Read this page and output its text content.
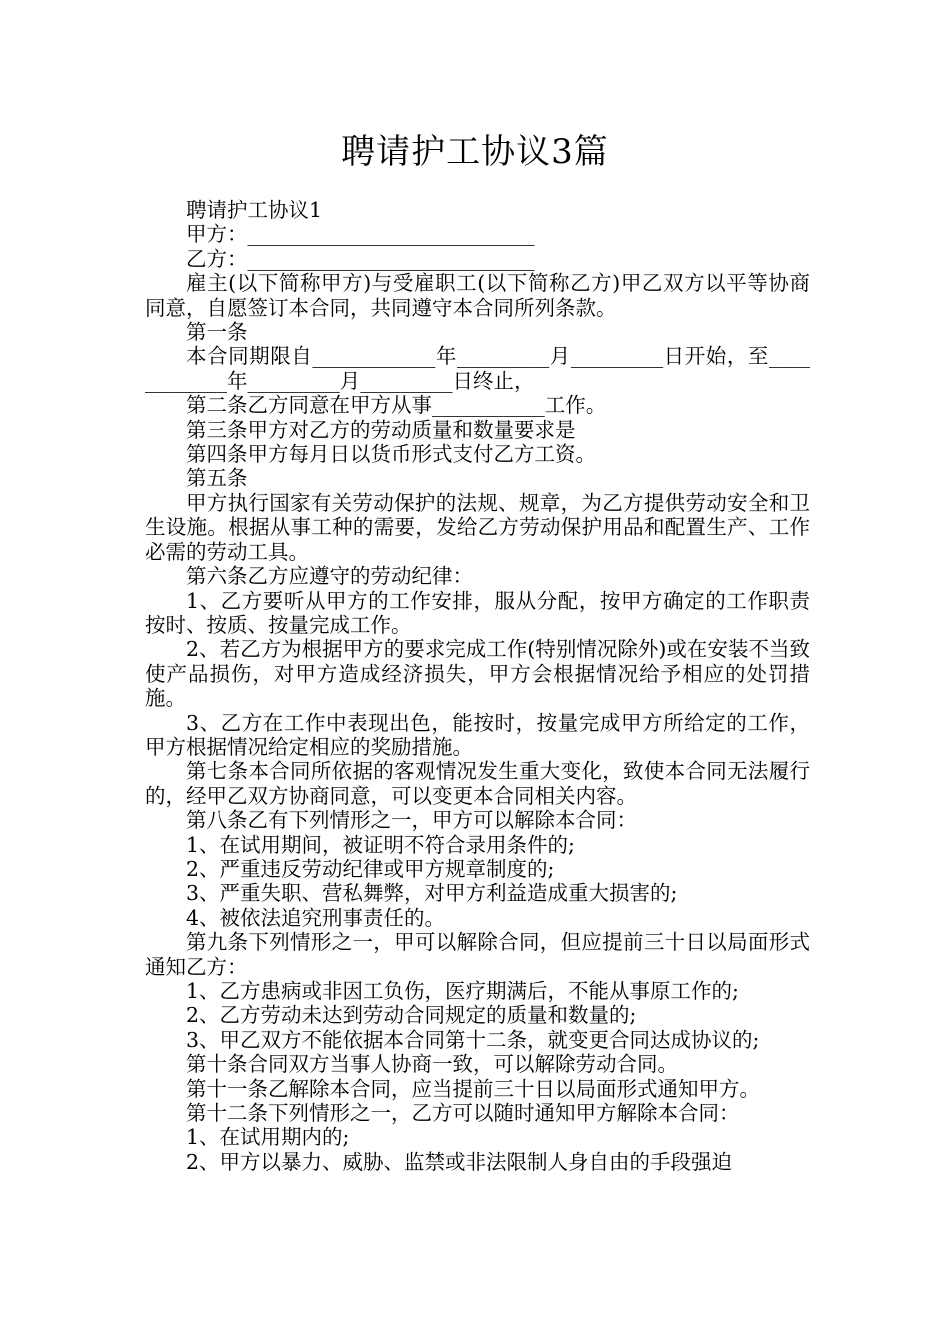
聘请护工协议3篇

聘请护工协议1

甲方：____________________________

乙方：____________________________

雇主(以下简称甲方)与受雇职工(以下简称乙方)甲乙双方以平等协商同意，自愿签订本合同，共同遵守本合同所列条款。

第一条

本合同期限自____________年_________月_________日开始，至____________年_________月_________日终止，

第二条乙方同意在甲方从事___________工作。

第三条甲方对乙方的劳动质量和数量要求是

第四条甲方每月日以货币形式支付乙方工资。

第五条

甲方执行国家有关劳动保护的法规、规章，为乙方提供劳动安全和卫生设施。根据从事工种的需要，发给乙方劳动保护用品和配置生产、工作必需的劳动工具。

第六条乙方应遵守的劳动纪律：

1、乙方要听从甲方的工作安排，服从分配，按甲方确定的工作职责按时、按质、按量完成工作。

2、若乙方为根据甲方的要求完成工作(特别情况除外)或在安装不当致使产品损伤，对甲方造成经济损失，甲方会根据情况给予相应的处罚措施。

3、乙方在工作中表现出色，能按时，按量完成甲方所给定的工作，甲方根据情况给定相应的奖励措施。

第七条本合同所依据的客观情况发生重大变化，致使本合同无法履行的，经甲乙双方协商同意，可以变更本合同相关内容。

第八条乙有下列情形之一，甲方可以解除本合同：

1、在试用期间，被证明不符合录用条件的;

2、严重违反劳动纪律或甲方规章制度的;

3、严重失职、营私舞弊，对甲方利益造成重大损害的;

4、被依法追究刑事责任的。

第九条下列情形之一，甲可以解除合同，但应提前三十日以局面形式通知乙方：

1、乙方患病或非因工负伤，医疗期满后，不能从事原工作的;

2、乙方劳动未达到劳动合同规定的质量和数量的;

3、甲乙双方不能依据本合同第十二条，就变更合同达成协议的;

第十条合同双方当事人协商一致，可以解除劳动合同。

第十一条乙解除本合同，应当提前三十日以局面形式通知甲方。

第十二条下列情形之一，乙方可以随时通知甲方解除本合同：

1、在试用期内的;

2、甲方以暴力、威胁、监禁或非法限制人身自由的手段强迫
